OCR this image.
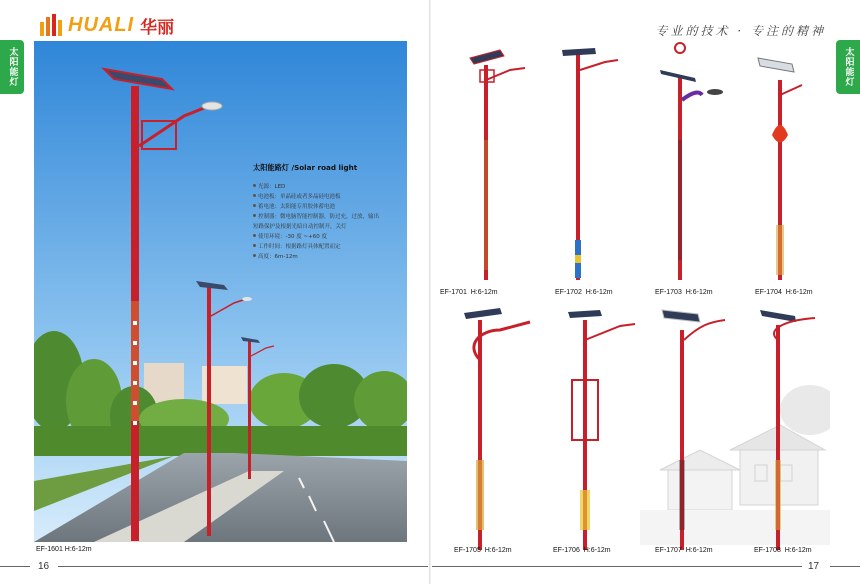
HUALI 华丽	专业的技术 · 专注的精神
太阳能灯	太阳能灯
太阳能路灯 /Solar road light
光源：LED
电池板：单晶硅或者多晶硅电池板
蓄电池：太阳能专用胶体蓄电池
控制器：微电脑智能控制器，防过充，过放，输出
短路保护及根据光暗自动控制开，关灯
使用环境：-30 度 ~+60 度
工作时间：根据路灯具体配置而定
高度：6m-12m
EF-1601 H:6-12m
EF-1701 H:6-12m	EF-1702 H:6-12m	EF-1703 H:6-12m	EF-1704 H:6-12m
EF-1705 H:6-12m	EF-1706 H:6-12m	EF-1707 H:6-12m	EF-1708 H:6-12m
16	17
